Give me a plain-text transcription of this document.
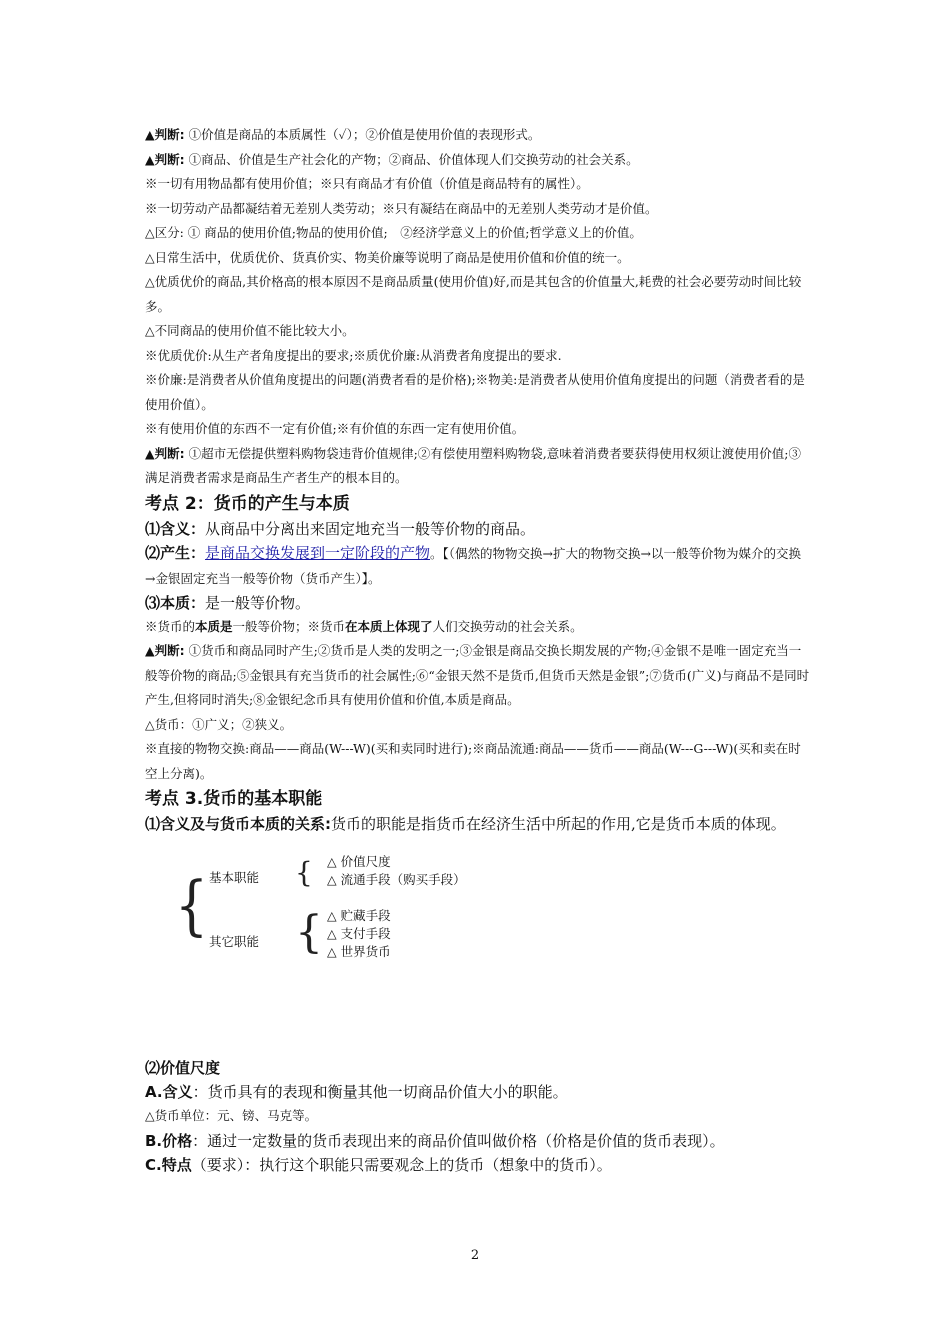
▲判断: ①价值是商品的本质属性（✓）；②价值是使用价值的表现形式。

▲判断: ①商品、价值是生产社会化的产物；②商品、价值体现人们交换劳动的社会关系。

※一切有用物品都有使用价值；※只有商品才有价值（价值是商品特有的属性）。

※一切劳动产品都凝结着无差别人类劳动；※只有凝结在商品中的无差别人类劳动才是价值。

△区分: ① 商品的使用价值;物品的使用价值;　②经济学意义上的价值;哲学意义上的价值。

△日常生活中，优质优价、货真价实、物美价廉等说明了商品是使用价值和价值的统一。

△优质优价的商品,其价格高的根本原因不是商品质量(使用价值)好,而是其包含的价值量大,耗费的社会必要劳动时间比较多。

△不同商品的使用价值不能比较大小。

※优质优价:从生产者角度提出的要求;※质优价廉:从消费者角度提出的要求.

※价廉:是消费者从价值角度提出的问题(消费者看的是价格);※物美:是消费者从使用价值角度提出的问题（消费者看的是使用价值）。

※有使用价值的东西不一定有价值;※有价值的东西一定有使用价值。

▲判断: ①超市无偿提供塑料购物袋违背价值规律;②有偿使用塑料购物袋,意味着消费者要获得使用权须让渡使用价值;③满足消费者需求是商品生产者生产的根本目的。

考点 2：货币的产生与本质

⑴含义：从商品中分离出来固定地充当一般等价物的商品。

⑵产生：是商品交换发展到一定阶段的产物。【（偶然的物物交换→扩大的物物交换→以一般等价物为媒介的交换→金银固定充当一般等价物（货币产生）】。

⑶本质：是一般等价物。

※货币的本质是一般等价物；※货币在本质上体现了人们交换劳动的社会关系。

▲判断: ①货币和商品同时产生;②货币是人类的发明之一;③金银是商品交换长期发展的产物;④金银不是唯一固定充当一般等价物的商品;⑤金银具有充当货币的社会属性;⑥“金银天然不是货币,但货币天然是金银”;⑦货币(广义)与商品不是同时产生,但将同时消失;⑧金银纪念币具有使用价值和价值,本质是商品。

△货币：①广义；②狭义。

※直接的物物交换:商品——商品(W---W)(买和卖同时进行);※商品流通:商品——货币——商品(W---G---W)(买和卖在时空上分离)。

考点 3.货币的基本职能

⑴含义及与货币本质的关系:货币的职能是指货币在经济生活中所起的作用,它是货币本质的体现。

{ 基本职能 { △ 价值尺度
△ 流通手段（购买手段）
其它职能 { △ 贮藏手段
△ 支付手段
△ 世界货币

⑵价值尺度

A.含义：货币具有的表现和衡量其他一切商品价值大小的职能。

△货币单位：元、镑、马克等。

B.价格：通过一定数量的货币表现出来的商品价值叫做价格（价格是价值的货币表现）。

C.特点（要求）：执行这个职能只需要观念上的货币（想象中的货币）。

2
